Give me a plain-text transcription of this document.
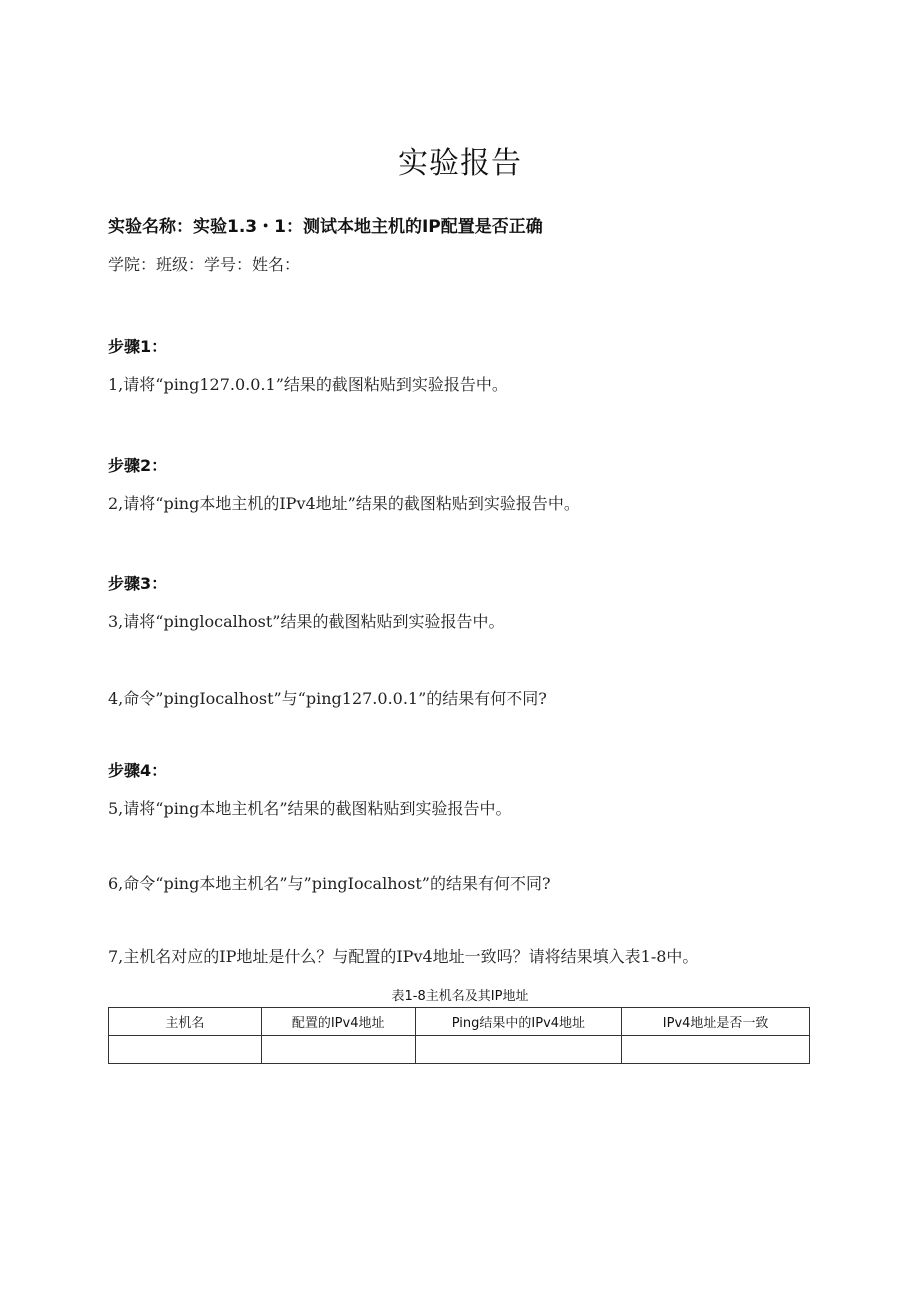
实验报告
实验名称：实验1.3・1：测试本地主机的IP配置是否正确
学院：班级：学号：姓名：
步骤1：
1,请将“ping127.0.0.1”结果的截图粘贴到实验报告中。
步骤2：
2,请将“ping本地主机的IPv4地址”结果的截图粘贴到实验报告中。
步骤3：
3,请将“pinglocalhost”结果的截图粘贴到实验报告中。
4,命令”pingIocalhost”与“ping127.0.0.1”的结果有何不同?
步骤4：
5,请将“ping本地主机名”结果的截图粘贴到实验报告中。
6,命令“ping本地主机名”与”pingIocalhost”的结果有何不同?
7,主机名对应的IP地址是什么？与配置的IPv4地址一致吗？请将结果填入表1-8中。
表1-8主机名及其IP地址
主机名	配置的IPv4地址	Ping结果中的IPv4地址	IPv4地址是否一致
